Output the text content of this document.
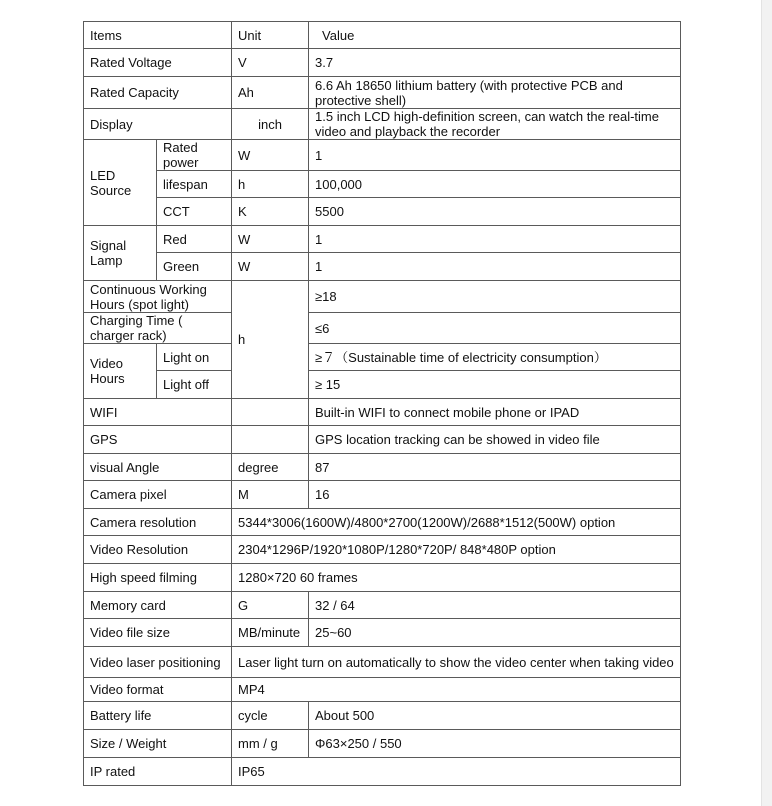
Items		Unit	Value
Rated Voltage		V	3.7
Rated Capacity		Ah	6.6 Ah 18650 lithium battery (with protective PCB and protective shell)
Display		inch	1.5 inch LCD high-definition screen, can watch the real-time video and playback the recorder
LED Source	Rated power	W	1
	lifespan	h	100,000
	CCT	K	5500
Signal Lamp	Red	W	1
	Green	W	1
Continuous Working Hours (spot light)		h	≥18
Charging Time ( charger rack)			≤6
Video Hours	Light on		≥７（Sustainable time of electricity consumption）
	Light off		≥ 15
WIFI			Built-in WIFI to connect mobile phone or IPAD
GPS			GPS location tracking can be showed in video file
visual Angle		degree	87
Camera pixel		M	16
Camera resolution		5344*3006(1600W)/4800*2700(1200W)/2688*1512(500W) option	
Video Resolution		2304*1296P/1920*1080P/1280*720P/ 848*480P option	
High speed filming		1280×720 60 frames	
Memory card		G	32 / 64
Video file size		MB/minute	25~60
Video laser positioning		Laser light turn on automatically to show the video center when taking video	
Video format		MP4	
Battery life		cycle	About 500
Size / Weight		mm / g	Φ63×250 / 550
IP rated		IP65	
